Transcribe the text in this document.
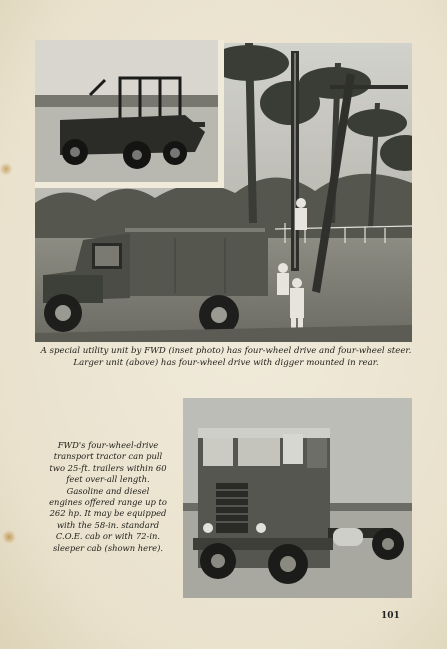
A special utility unit by FWD (inset photo) has four-wheel drive and four-wheel steer. Larger unit (above) has four-wheel drive with digger mounted in rear.
FWD's four-wheel-drive transport tractor can pull two 25-ft. trailers within 60 feet over-all length. Gasoline and diesel engines offered range up to 262 hp. It may be equipped with the 58-in. standard C.O.E. cab or with 72-in. sleeper cab (shown here).
101
